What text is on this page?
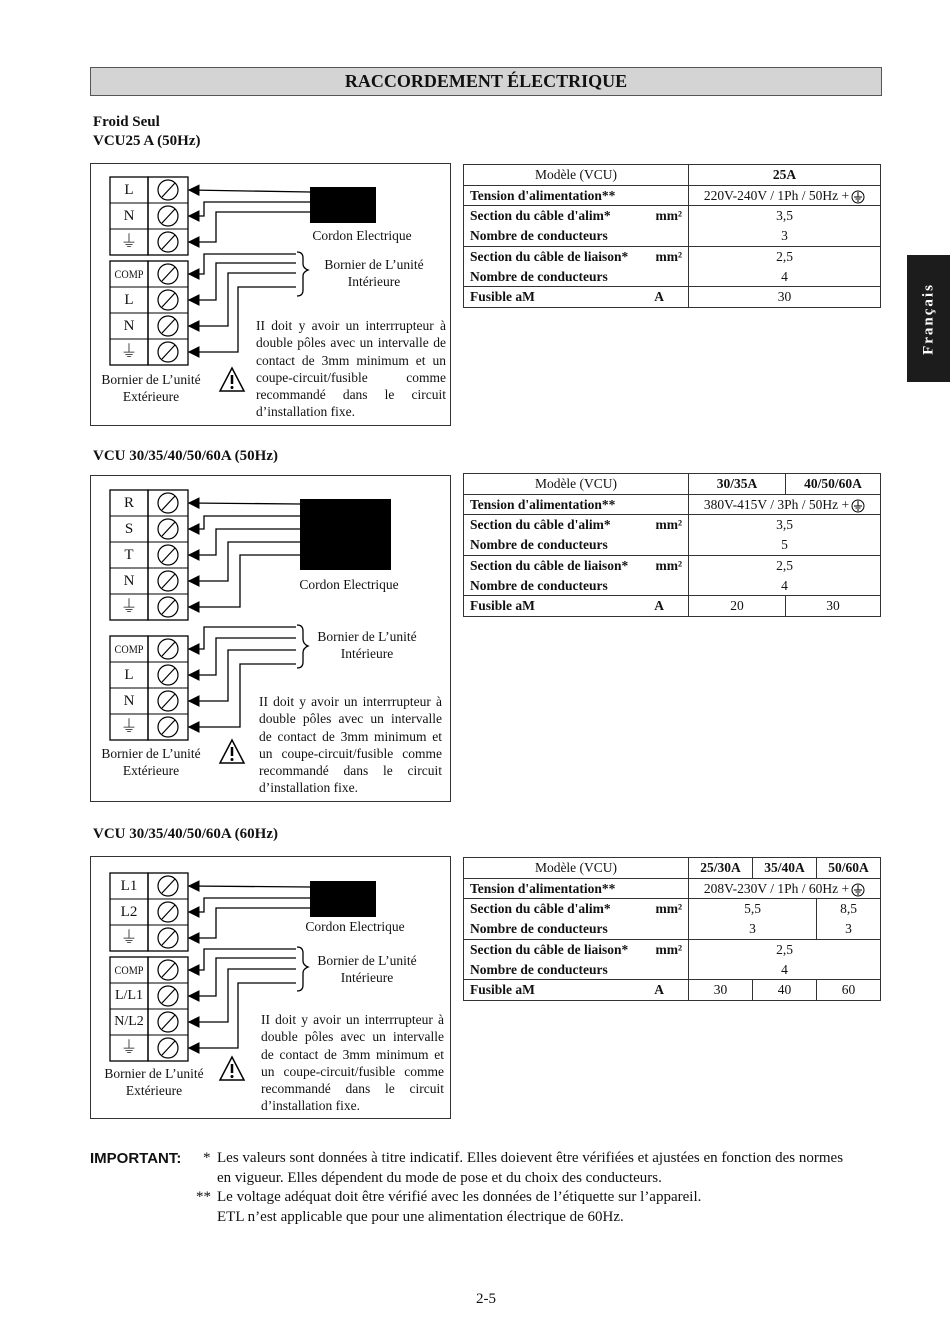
RACCORDEMENT ÉLECTRIQUE
Français
Froid Seul
VCU25 A (50Hz)
L
N
⏚
COMP
L
N
⏚
Cordon Electrique
Bornier de L’unité
Intérieure
Bornier de L’unité
Extérieure
II doit y avoir un interrrupteur à
double pôles avec un intervalle de
contact de 3mm minimum et un
coupe-circuit/fusible comme
recommandé dans le circuit
d’installation fixe.
Modèle (VCU)	25A
Tension d'alimentation**	220V-240V / 1Ph / 50Hz +

Section du câble d'alim* mm²	3,5
Nombre de conducteurs	3

Section du câble de liaison* mm²	2,5
Nombre de conducteurs	4

Fusible aM A	30
VCU 30/35/40/50/60A (50Hz)
R
S
T
N
⏚
COMP
L
N
⏚
Cordon Electrique
Bornier de L’unité
Intérieure
Bornier de L’unité
Extérieure
II doit y avoir un interrrupteur à
double pôles avec un intervalle
de contact de 3mm minimum et
un coupe-circuit/fusible comme
recommandé dans le circuit
d’installation fixe.
Modèle (VCU)	30/35A	40/50/60A
Tension d'alimentation**	380V-415V / 3Ph / 50Hz +	

Section du câble d'alim* mm²	3,5	
Nombre de conducteurs	5	

Section du câble de liaison* mm²	2,5	
Nombre de conducteurs	4	

Fusible aM A	20	30
VCU 30/35/40/50/60A (60Hz)
L1
L2
⏚
COMP
L/L1
N/L2
⏚
Cordon Electrique
Bornier de L’unité
Intérieure
Bornier de L’unité
Extérieure
II doit y avoir un interrrupteur à
double pôles avec un intervalle
de contact de 3mm minimum et
un coupe-circuit/fusible comme
recommandé dans le circuit
d’installation fixe.
Modèle (VCU)	25/30A	35/40A	50/60A
Tension d'alimentation**	208V-230V / 1Ph / 60Hz +		

Section du câble d'alim* mm²	5,5		8,5
Nombre de conducteurs	3		3

Section du câble de liaison* mm²	2,5		
Nombre de conducteurs	4		

Fusible aM A	30	40	60
IMPORTANT: * Les valeurs sont données à titre indicatif. Elles doievent être vérifiées et ajustées en fonction des normes
en vigueur. Elles dépendent du mode de pose et du choix des conducteurs.
** Le voltage adéquat doit être vérifié avec les données de l’étiquette sur l’appareil.
ETL n’est applicable que pour une alimentation électrique de 60Hz.
2-5
